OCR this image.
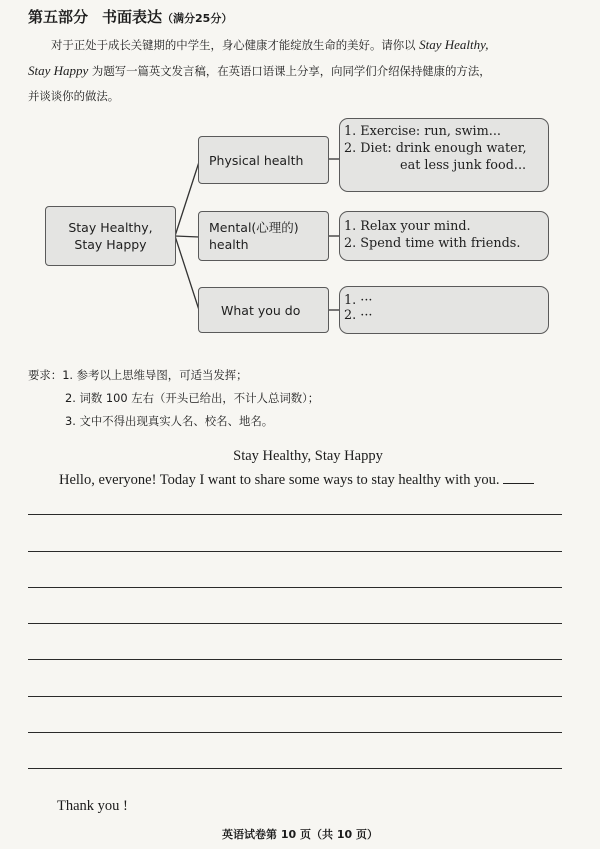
第五部分 书面表达（满分25分）
对于正处于成长关键期的中学生，身心健康才能绽放生命的美好。请你以 Stay Healthy,
Stay Happy 为题写一篇英文发言稿，在英语口语课上分享，向同学们介绍保持健康的方法，
并谈谈你的做法。
Stay Healthy,
Stay Happy
Physical health
Mental(心理的)
health
What you do
1. Exercise: run, swim...
2. Diet: drink enough water,
eat less junk food...
1. Relax your mind.
2. Spend time with friends.
1. ···
2. ···
要求：1. 参考以上思维导图，可适当发挥；
2. 词数 100 左右（开头已给出，不计人总词数）；
3. 文中不得出现真实人名、校名、地名。
Stay Healthy, Stay Happy
Hello, everyone! Today I want to share some ways to stay healthy with you.
Thank you !
英语试卷第 10 页（共 10 页）
